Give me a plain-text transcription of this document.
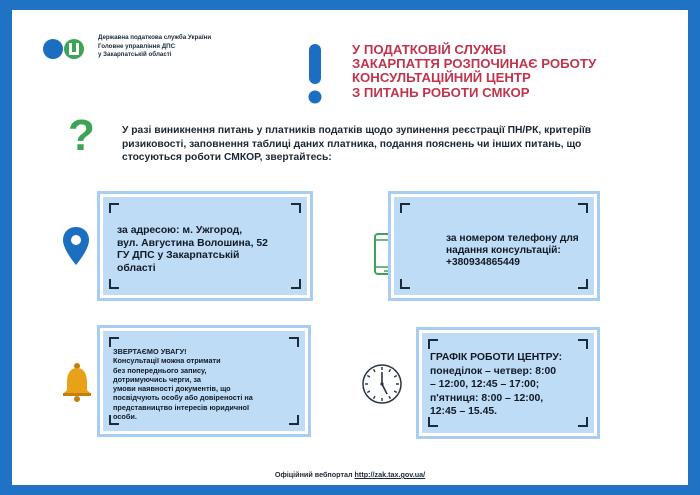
Державна податкова служба України
Головне управління ДПС
у Закарпатській області	У ПОДАТКОВІЙ СЛУЖБІ
ЗАКАРПАТТЯ РОЗПОЧИНАЄ РОБОТУ
КОНСУЛЬТАЦІЙНИЙ ЦЕНТР
З ПИТАНЬ РОБОТИ СМКОР
?	У разі виникнення питань у платників податків щодо зупинення реєстрації ПН/РК, критеріїв ризиковості, заповнення таблиці даних платника, подання пояснень чи інших питань, що стосуються роботи СМКОР, звертайтесь:
за адресою: м. Ужгород,
вул. Августина Волошина, 52
ГУ ДПС у Закарпатській
області
за номером телефону для
надання консультацій:
+380934865449
ЗВЕРТАЄМО УВАГУ!
Консультації можна отримати
без попереднього запису,
дотримуючись черги, за
умови наявності документів, що
посвідчують особу або довіреності на
представництво інтересів юридичної
особи.
ГРАФІК РОБОТИ ЦЕНТРУ:
понеділок – четвер: 8:00
– 12:00, 12:45 – 17:00;
п'ятниця: 8:00 – 12:00,
12:45 – 15.45.
Офіційний вебпортал http://zak.tax.gov.ua/
